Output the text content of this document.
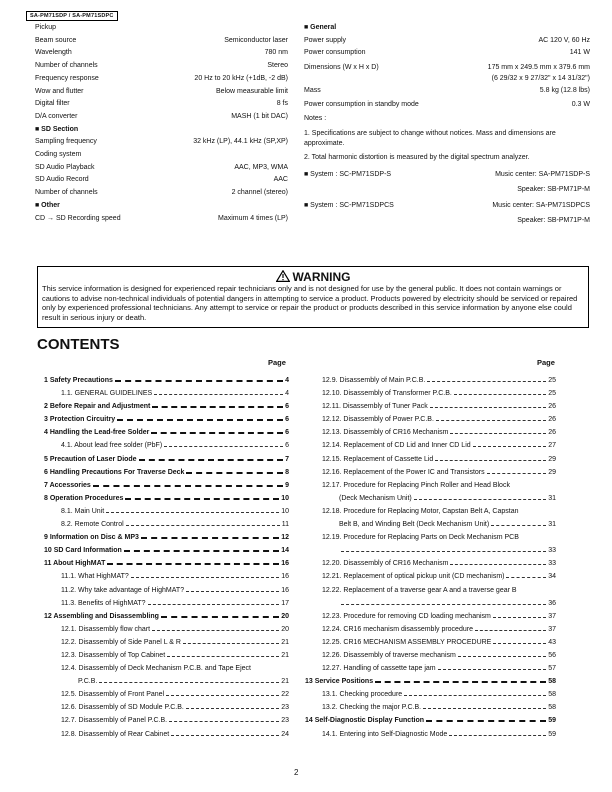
SA-PM71SDP / SA-PM71SDPC
Pickup
Beam source	Semiconductor laser
Wavelength	780 nm
Number of channels	Stereo
Frequency response	20 Hz to 20 kHz (+1dB, -2 dB)
Wow and flutter	Below measurable limit
Digital filter	8 fs
D/A converter	MASH (1 bit DAC)
■ SD Section
Sampling frequency	32 kHz (LP), 44.1 kHz (SP,XP)
Coding system
SD Audio Playback	AAC, MP3, WMA
SD Audio Record	AAC
Number of channels	2 channel (stereo)
■ Other
CD → SD Recording speed	Maximum 4 times (LP)
■ General
Power supply	AC 120 V, 60 Hz
Power consumption	141 W
Dimensions (W x H x D)	175 mm x 249.5 mm x 379.6 mm
(6 29/32 x 9 27/32" x 14 31/32")
Mass	5.8 kg (12.8 lbs)
Power consumption in standby mode	0.3 W
Notes :
1. Specifications are subject to change without notices. Mass and dimensions are approximate.
2. Total harmonic distortion is measured by the digital spectrum analyzer.
■ System : SC-PM71SDP-S	Music center: SA-PM71SDP-S
Speaker: SB-PM71P-M
■ System : SC-PM71SDPCS	Music center: SA-PM71SDPCS
Speaker: SB-PM71P-M
WARNING
This service information is designed for experienced repair technicians only and is not designed for use by the general public. It does not contain warnings or cautions to advise non-technical individuals of potential dangers in attempting to service a product. Products powered by electricity should be serviced or repaired only by experienced professional technicians. Any attempt to service or repair the product or products described in this service information by anyone else could result in serious injury or death.
CONTENTS
Page	Page
1 Safety Precautions	4
1.1. GENERAL GUIDELINES	4
2 Before Repair and Adjustment	6
3 Protection Circuitry	6
4 Handling the Lead-free Solder	6
4.1. About lead free solder (PbF)	6
5 Precaution of Laser Diode	7
6 Handling Precautions For Traverse Deck	8
7 Accessories	9
8 Operation Procedures	10
8.1. Main Unit	10
8.2. Remote Control	11
9 Information on Disc & MP3	12
10 SD Card Information	14
11 About HighMAT	16
11.1. What HighMAT?	16
11.2. Why take advantage of HighMAT?	16
11.3. Benefits of HighMAT?	17
12 Assembling and Disassembling	20
12.1. Disassembly flow chart	20
12.2. Disassembly of Side Panel L & R	21
12.3. Disassembly of Top Cabinet	21
12.4. Disassembly of Deck Mechanism P.C.B. and Tape Eject
P.C.B.	21
12.5. Disassembly of Front Panel	22
12.6. Disassembly of SD Module P.C.B.	23
12.7. Disassembly of Panel P.C.B.	23
12.8. Disassembly of Rear Cabinet	24
12.9. Disassembly of Main P.C.B.	25
12.10. Disassembly of Transformer P.C.B.	25
12.11. Disassembly of Tuner Pack	26
12.12. Disassembly of Power P.C.B.	26
12.13. Disassembly of CR16 Mechanism	26
12.14. Replacement of CD Lid and Inner CD Lid	27
12.15. Replacement of Cassette Lid	29
12.16. Replacement of the Power IC and Transistors	29
12.17. Procedure for Replacing Pinch Roller and Head Block
(Deck Mechanism Unit)	31
12.18. Procedure for Replacing Motor, Capstan Belt A, Capstan
Belt B, and Winding Belt (Deck Mechanism Unit)	31
12.19. Procedure for Replacing Parts on Deck Mechanism PCB
33
12.20. Disassembly of CR16 Mechanism	33
12.21. Replacement of optical pickup unit (CD mechanism)	34
12.22. Replacement of a traverse gear A and a traverse gear B
36
12.23. Procedure for removing CD loading mechanism	37
12.24. CR16 mechanism disassembly procedure	37
12.25. CR16 MECHANISM ASSEMBLY PROCEDURE	43
12.26. Disassembly of traverse mechanism	56
12.27. Handling of cassette tape jam	57
13 Service Positions	58
13.1. Checking procedure	58
13.2. Checking the major P.C.B.	58
14 Self-Diagnostic Display Function	59
14.1. Entering into Self-Diagnostic Mode	59
2
